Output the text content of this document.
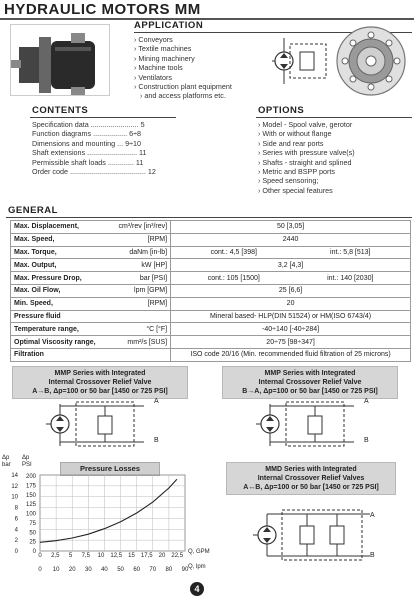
HYDRAULIC MOTORS MM
APPLICATION
› Conveyors
› Textile machines
› Mining machinery
› Machine tools
› Ventilators
› Construction plant equipment
› and access platforms etc.
CONTENTS
Specification data ........................ 5
Function diagrams ................. 6÷8
Dimensions and mounting ... 9÷10
Shaft extensions ......................... 11
Permissible shaft loads ............. 11
Order code ...................................... 12
OPTIONS
› Model - Spool valve, gerotor
› With or without flange
› Side and rear ports
› Series with pressure valve(s)
› Shafts - straight and splined
› Metric and BSPP ports
› Speed sensoring;
› Other special features
GENERAL
Max. Displacement,	cm³/rev [in³/rev]	50 [3,05]
Max. Speed,	[RPM]	2440
Max. Torque,	daNm [in-lb]	cont.: 4,5 [398] int.: 5,8 [513]

Max. Output,	kW [HP]	3,2 [4,3]
Max. Pressure Drop,	bar [PSI]	cont.: 105 [1500] int.: 140 [2030]

Max. Oil Flow,	lpm [GPM]	25 [6,6]
Min. Speed,	[RPM]	20
Pressure fluid		Mineral based- HLP(DIN 51524) or HM(ISO 6743/4)
Temperature range,	°C [°F]	-40÷140 [-40÷284]
Optimal Viscosity range,	mm²/s [SUS]	20÷75 [98÷347]
Filtration		ISO code 20/16 (Min. recommended fluid filtration of 25 microns)
MMP Series with Integrated
Internal Crossover Relief Valve
A→B, Δp=100 or 50 bar [1450 or 725 PSI]
A
B
MMP Series with Integrated
Internal Crossover Relief Valve
B→A, Δp=100 or 50 bar [1450 or 725 PSI]
A
B
Pressure Losses
0
2
4
6
8
10
12
14
0
25
50
75
100
125
150
175
200
0 10 20 30 40 50 60 70 80 90
0 2,5 5 7,5 10 12,5 15 17,5 20 22,5
Δp bar
Δp PSI
Q, GPM
Q, lpm
MMD Series with Integrated
Internal Crossover Relief Valves
A↔B, Δp=100 or 50 bar [1450 or 725 PSI]
A
B
4
